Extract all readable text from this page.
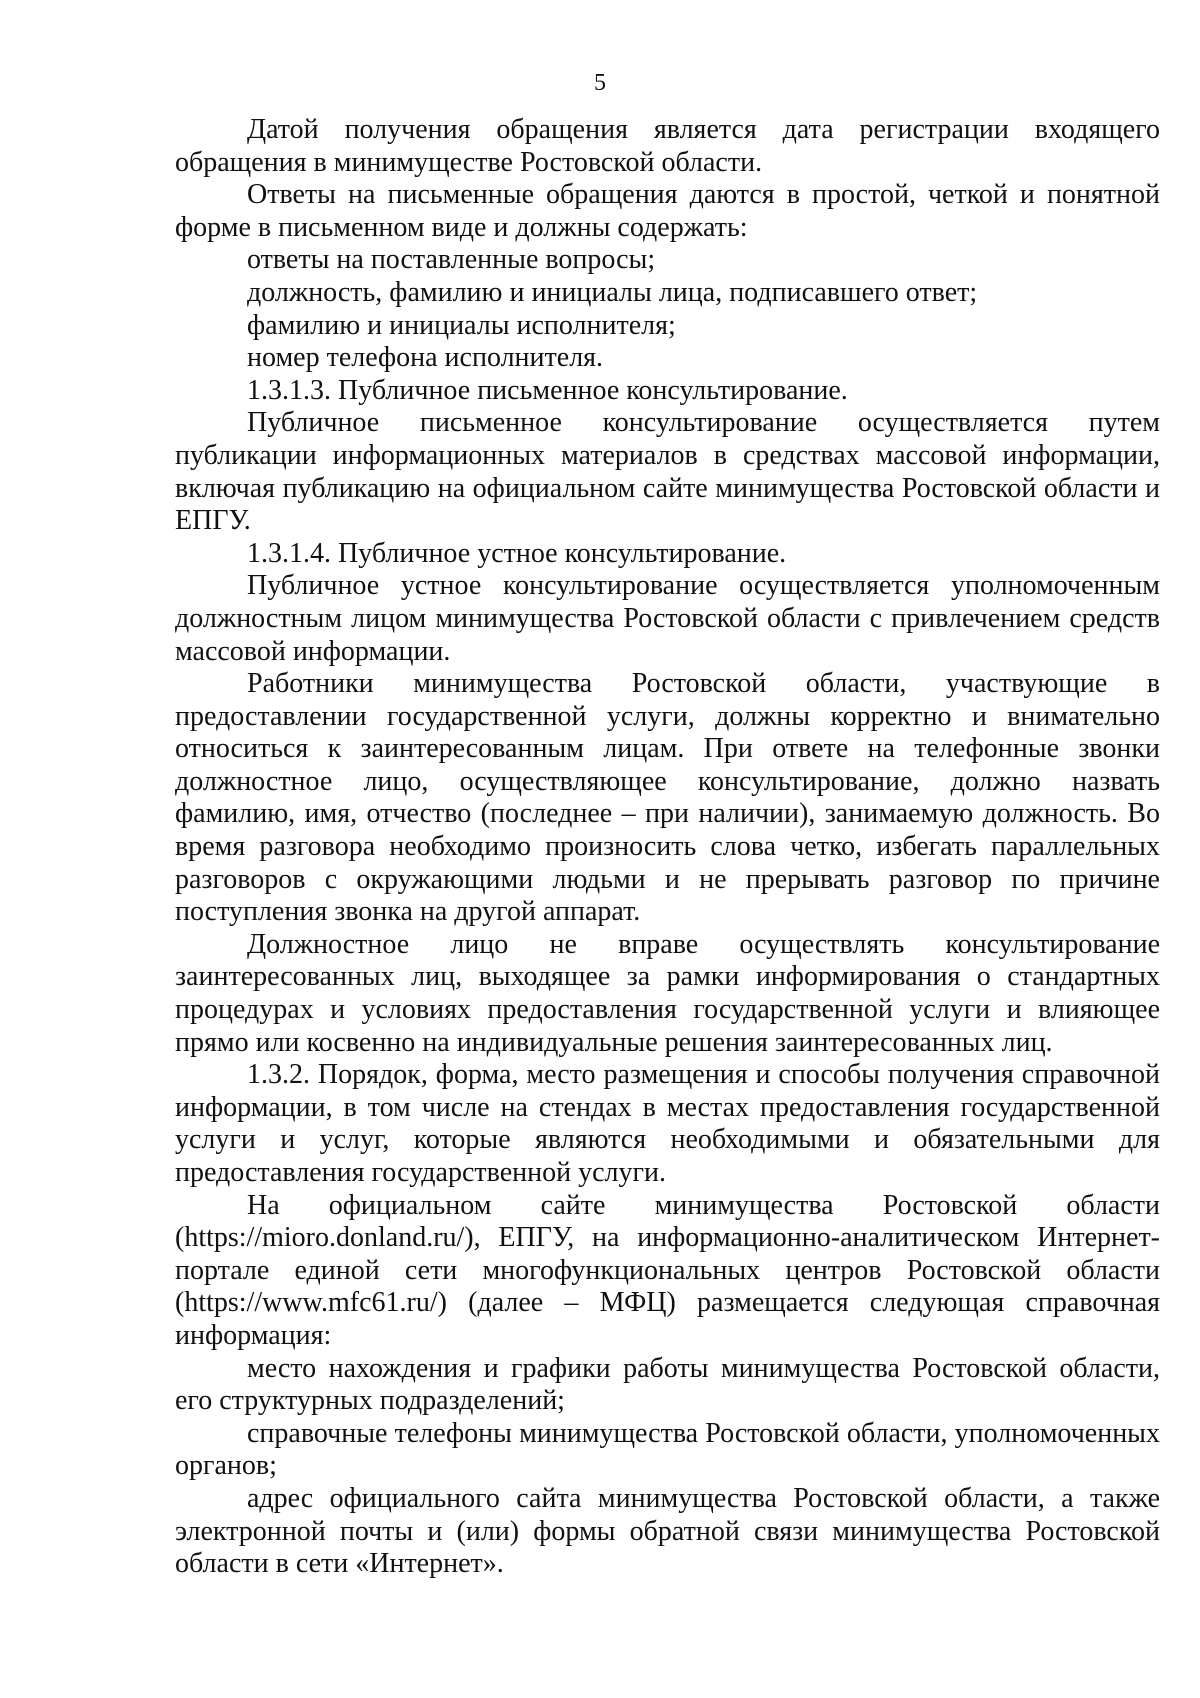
5

Датой получения обращения является дата регистрации входящего обращения в минимуществе Ростовской области.

Ответы на письменные обращения даются в простой, четкой и понятной форме в письменном виде и должны содержать:

ответы на поставленные вопросы;

должность, фамилию и инициалы лица, подписавшего ответ;

фамилию и инициалы исполнителя;

номер телефона исполнителя.

1.3.1.3. Публичное письменное консультирование.

Публичное письменное консультирование осуществляется путем публикации информационных материалов в средствах массовой информации, включая публикацию на официальном сайте минимущества Ростовской области и ЕПГУ.

1.3.1.4. Публичное устное консультирование.

Публичное устное консультирование осуществляется уполномоченным должностным лицом минимущества Ростовской области с привлечением средств массовой информации.

Работники минимущества Ростовской области, участвующие в предоставлении государственной услуги, должны корректно и внимательно относиться к заинтересованным лицам. При ответе на телефонные звонки должностное лицо, осуществляющее консультирование, должно назвать фамилию, имя, отчество (последнее – при наличии), занимаемую должность. Во время разговора необходимо произносить слова четко, избегать параллельных разговоров с окружающими людьми и не прерывать разговор по причине поступления звонка на другой аппарат.

Должностное лицо не вправе осуществлять консультирование заинтересованных лиц, выходящее за рамки информирования о стандартных процедурах и условиях предоставления государственной услуги и влияющее прямо или косвенно на индивидуальные решения заинтересованных лиц.

1.3.2. Порядок, форма, место размещения и способы получения справочной информации, в том числе на стендах в местах предоставления государственной услуги и услуг, которые являются необходимыми и обязательными для предоставления государственной услуги.

На официальном сайте минимущества Ростовской области (https://mioro.donland.ru/), ЕПГУ, на информационно-аналитическом Интернет-портале единой сети многофункциональных центров Ростовской области (https://www.mfc61.ru/) (далее – МФЦ) размещается следующая справочная информация:

место нахождения и графики работы минимущества Ростовской области, его структурных подразделений;

справочные телефоны минимущества Ростовской области, уполномоченных органов;

адрес официального сайта минимущества Ростовской области, а также электронной почты и (или) формы обратной связи минимущества Ростовской области в сети «Интернет».
